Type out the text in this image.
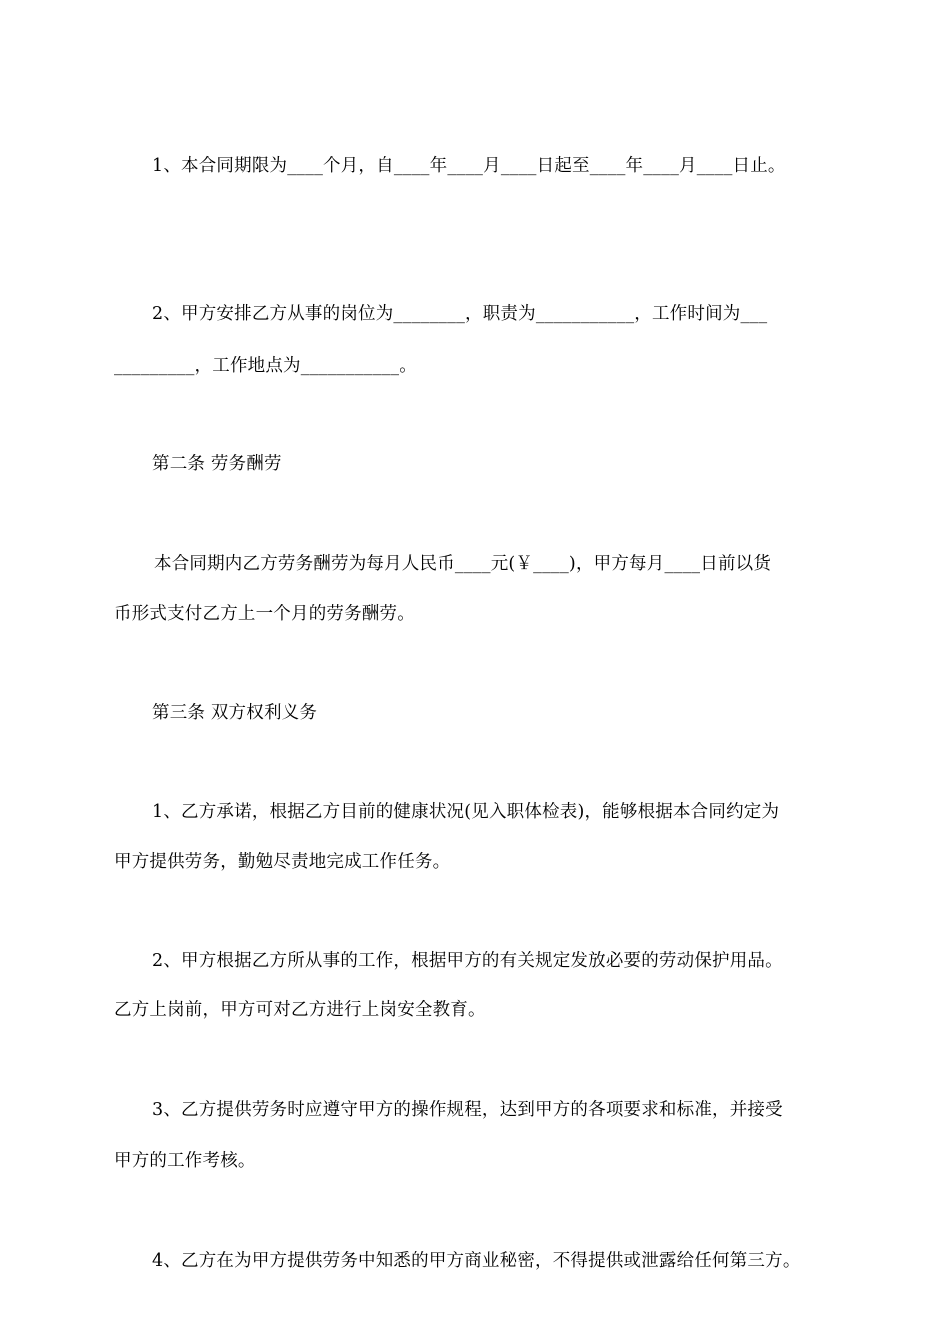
1、本合同期限为____个月，自____年____月____日起至____年____月____日止。
2、甲方安排乙方从事的岗位为________，职责为___________，工作时间为___
_________，工作地点为___________。
第二条 劳务酬劳
本合同期内乙方劳务酬劳为每月人民币____元(￥____)，甲方每月____日前以货
币形式支付乙方上一个月的劳务酬劳。
第三条 双方权利义务
1、乙方承诺，根据乙方目前的健康状况(见入职体检表)，能够根据本合同约定为
甲方提供劳务，勤勉尽责地完成工作任务。
2、甲方根据乙方所从事的工作，根据甲方的有关规定发放必要的劳动保护用品。
乙方上岗前，甲方可对乙方进行上岗安全教育。
3、乙方提供劳务时应遵守甲方的操作规程，达到甲方的各项要求和标准，并接受
甲方的工作考核。
4、乙方在为甲方提供劳务中知悉的甲方商业秘密，不得提供或泄露给任何第三方。
